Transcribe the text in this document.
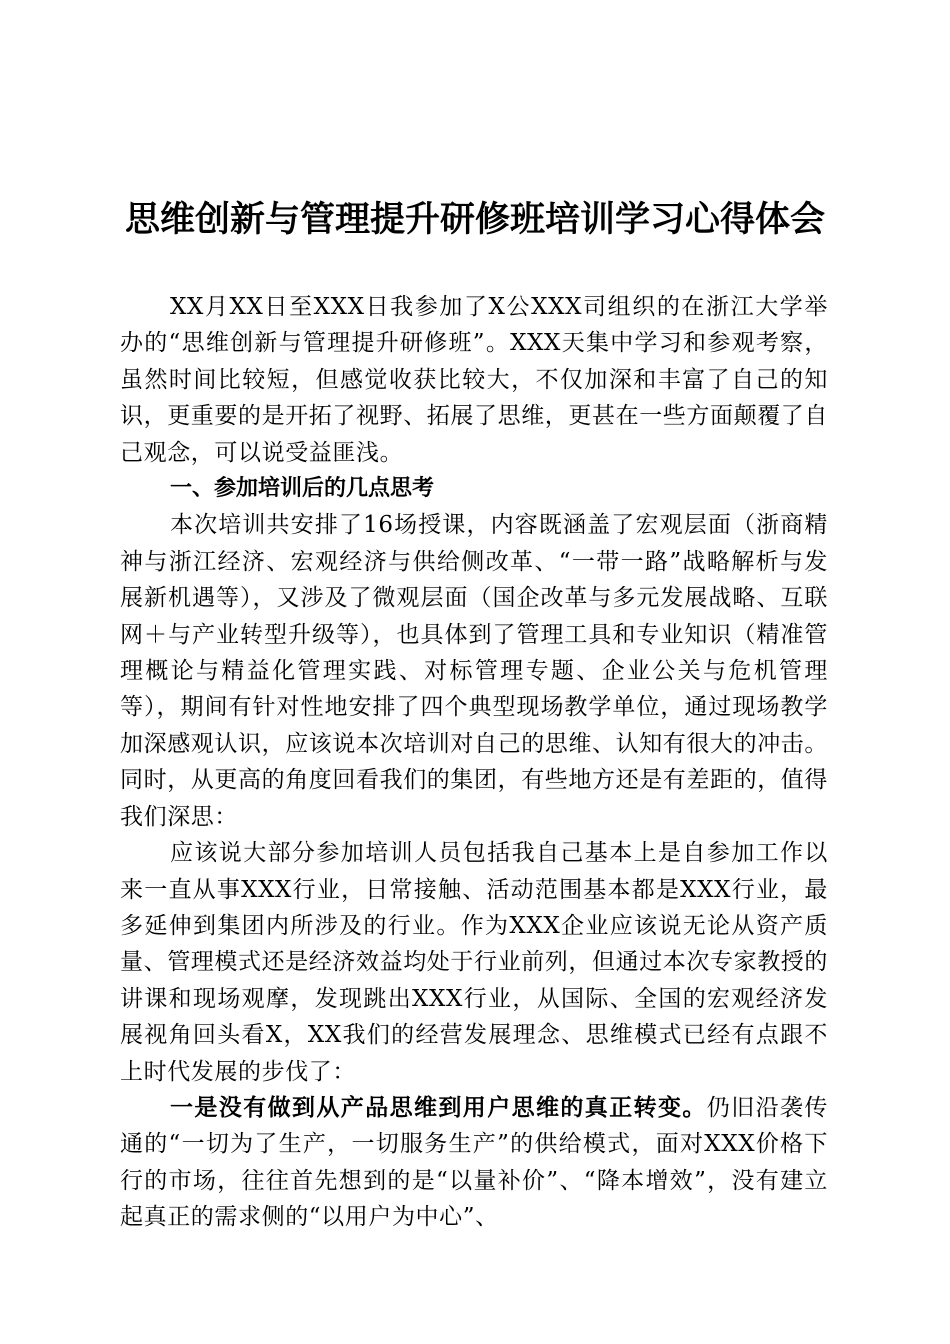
思维创新与管理提升研修班培训学习心得体会

XX月XX日至XXX日我参加了X公XXX司组织的在浙江大学举办的“思维创新与管理提升研修班”。XXX天集中学习和参观考察，虽然时间比较短，但感觉收获比较大，不仅加深和丰富了自己的知识，更重要的是开拓了视野、拓展了思维，更甚在一些方面颠覆了自己观念，可以说受益匪浅。

一、参加培训后的几点思考

本次培训共安排了16场授课，内容既涵盖了宏观层面（浙商精神与浙江经济、宏观经济与供给侧改革、“一带一路”战略解析与发展新机遇等），又涉及了微观层面（国企改革与多元发展战略、互联网＋与产业转型升级等），也具体到了管理工具和专业知识（精准管理概论与精益化管理实践、对标管理专题、企业公关与危机管理等），期间有针对性地安排了四个典型现场教学单位，通过现场教学加深感观认识，应该说本次培训对自己的思维、认知有很大的冲击。同时，从更高的角度回看我们的集团，有些地方还是有差距的，值得我们深思：

应该说大部分参加培训人员包括我自己基本上是自参加工作以来一直从事XXX行业，日常接触、活动范围基本都是XXX行业，最多延伸到集团内所涉及的行业。作为XXX企业应该说无论从资产质量、管理模式还是经济效益均处于行业前列，但通过本次专家教授的讲课和现场观摩，发现跳出XXX行业，从国际、全国的宏观经济发展视角回头看X，XX我们的经营发展理念、思维模式已经有点跟不上时代发展的步伐了：

一是没有做到从产品思维到用户思维的真正转变。仍旧沿袭传通的“一切为了生产，一切服务生产”的供给模式，面对XXX价格下行的市场，往往首先想到的是“以量补价”、“降本增效”，没有建立起真正的需求侧的“以用户为中心”、
